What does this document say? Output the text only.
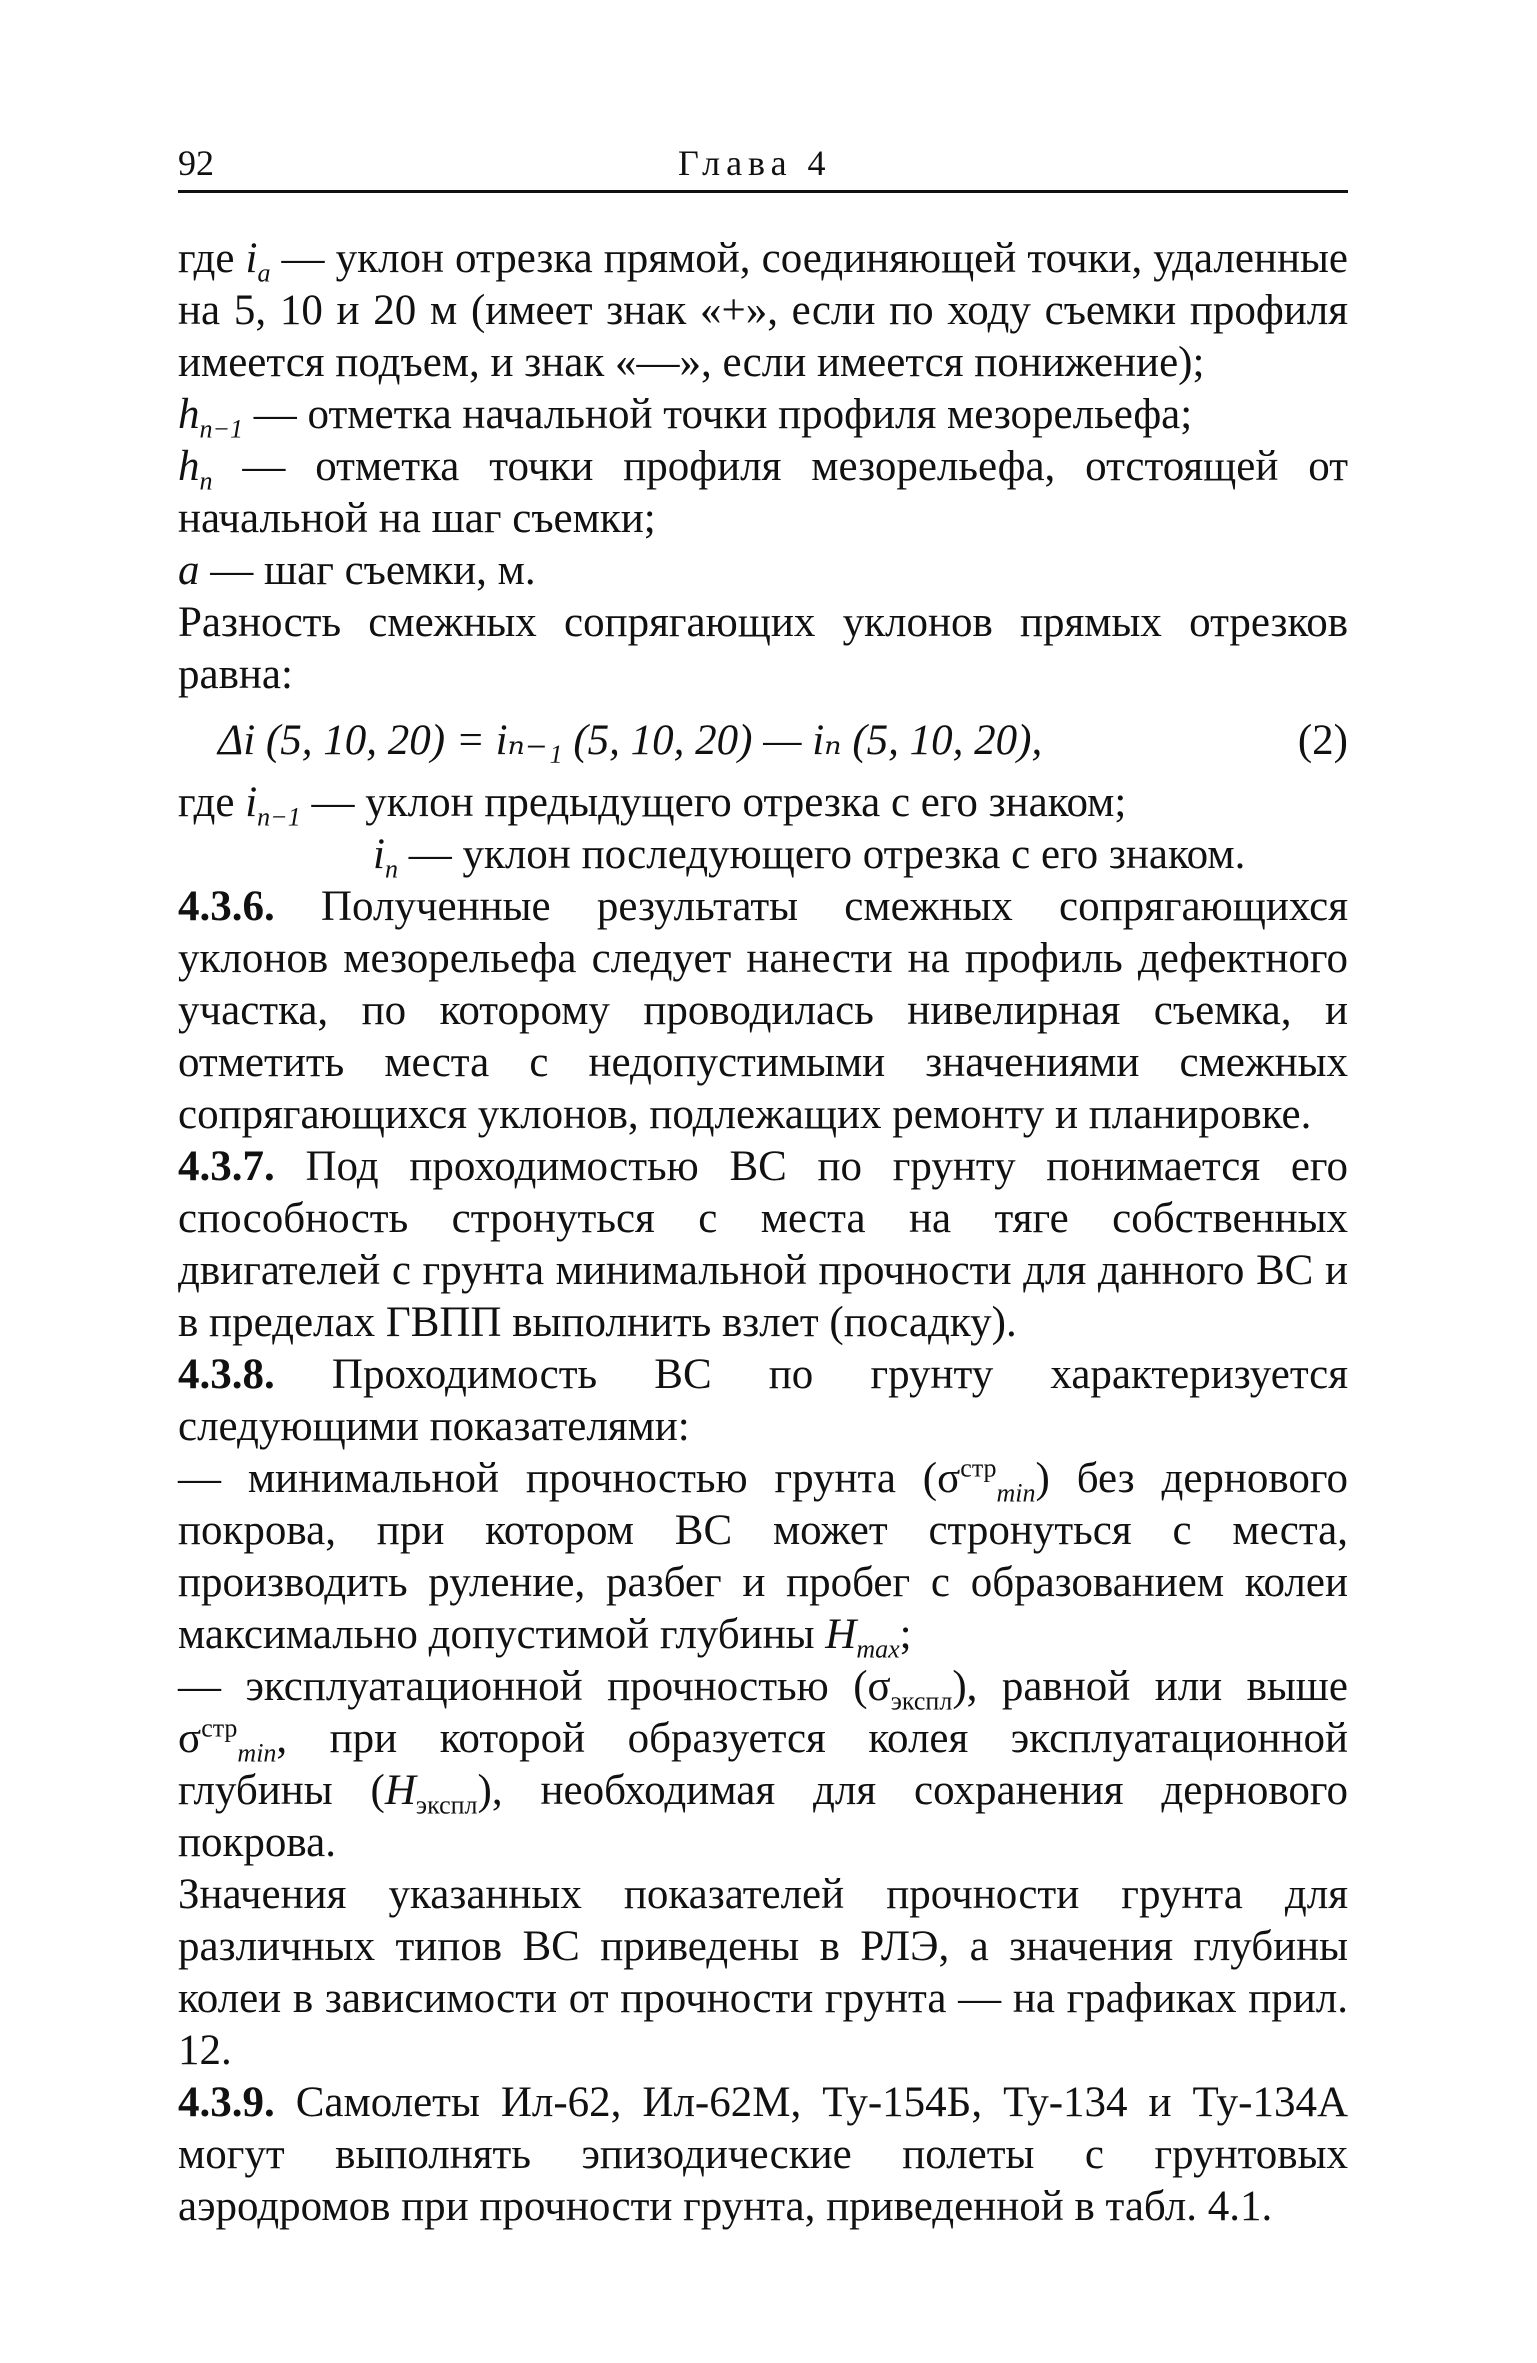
92	Глава 4

где $i_a$ — уклон отрезка прямой, соединяющей точки, удаленные на 5, 10 и 20 м (имеет знак «+», если по ходу съемки профиля имеется подъем, и знак «—», если имеется понижение);

$h_{n-1}$ — отметка начальной точки профиля мезорельефа;

$h_n$ — отметка точки профиля мезорельефа, отстоящей от начальной на шаг съемки;

a — шаг съемки, м.

Разность смежных сопрягающих уклонов прямых отрезков равна:

Δi (5, 10, 20) = iₙ₋₁ (5, 10, 20) — iₙ (5, 10, 20),	(2)

где $i_{n-1}$ — уклон предыдущего отрезка с его знаком;

$i_n$ — уклон последующего отрезка с его знаком.

4.3.6. Полученные результаты смежных сопрягающихся уклонов мезорельефа следует нанести на профиль дефектного участка, по которому проводилась нивелирная съемка, и отметить места с недопустимыми значениями смежных сопрягающихся уклонов, подлежащих ремонту и планировке.

4.3.7. Под проходимостью ВС по грунту понимается его способность стронуться с места на тяге собственных двигателей с грунта минимальной прочности для данного ВС и в пределах ГВПП выполнить взлет (посадку).

4.3.8. Проходимость ВС по грунту характеризуется следующими показателями:

— минимальной прочностью грунта $(\sigma^{стр}_{min})$ без дернового покрова, при котором ВС может стронуться с места, производить руление, разбег и пробег с образованием колеи максимально допустимой глубины $H_{max}$;

— эксплуатационной прочностью $(\sigma_{экспл})$, равной или выше $\sigma^{стр}_{min}$, при которой образуется колея эксплуатационной глубины $(H_{экспл})$, необходимая для сохранения дернового покрова.

Значения указанных показателей прочности грунта для различных типов ВС приведены в РЛЭ, а значения глубины колеи в зависимости от прочности грунта — на графиках прил. 12.

4.3.9. Самолеты Ил-62, Ил-62М, Ту-154Б, Ту-134 и Ту-134А могут выполнять эпизодические полеты с грунтовых аэродромов при прочности грунта, приведенной в табл. 4.1.
